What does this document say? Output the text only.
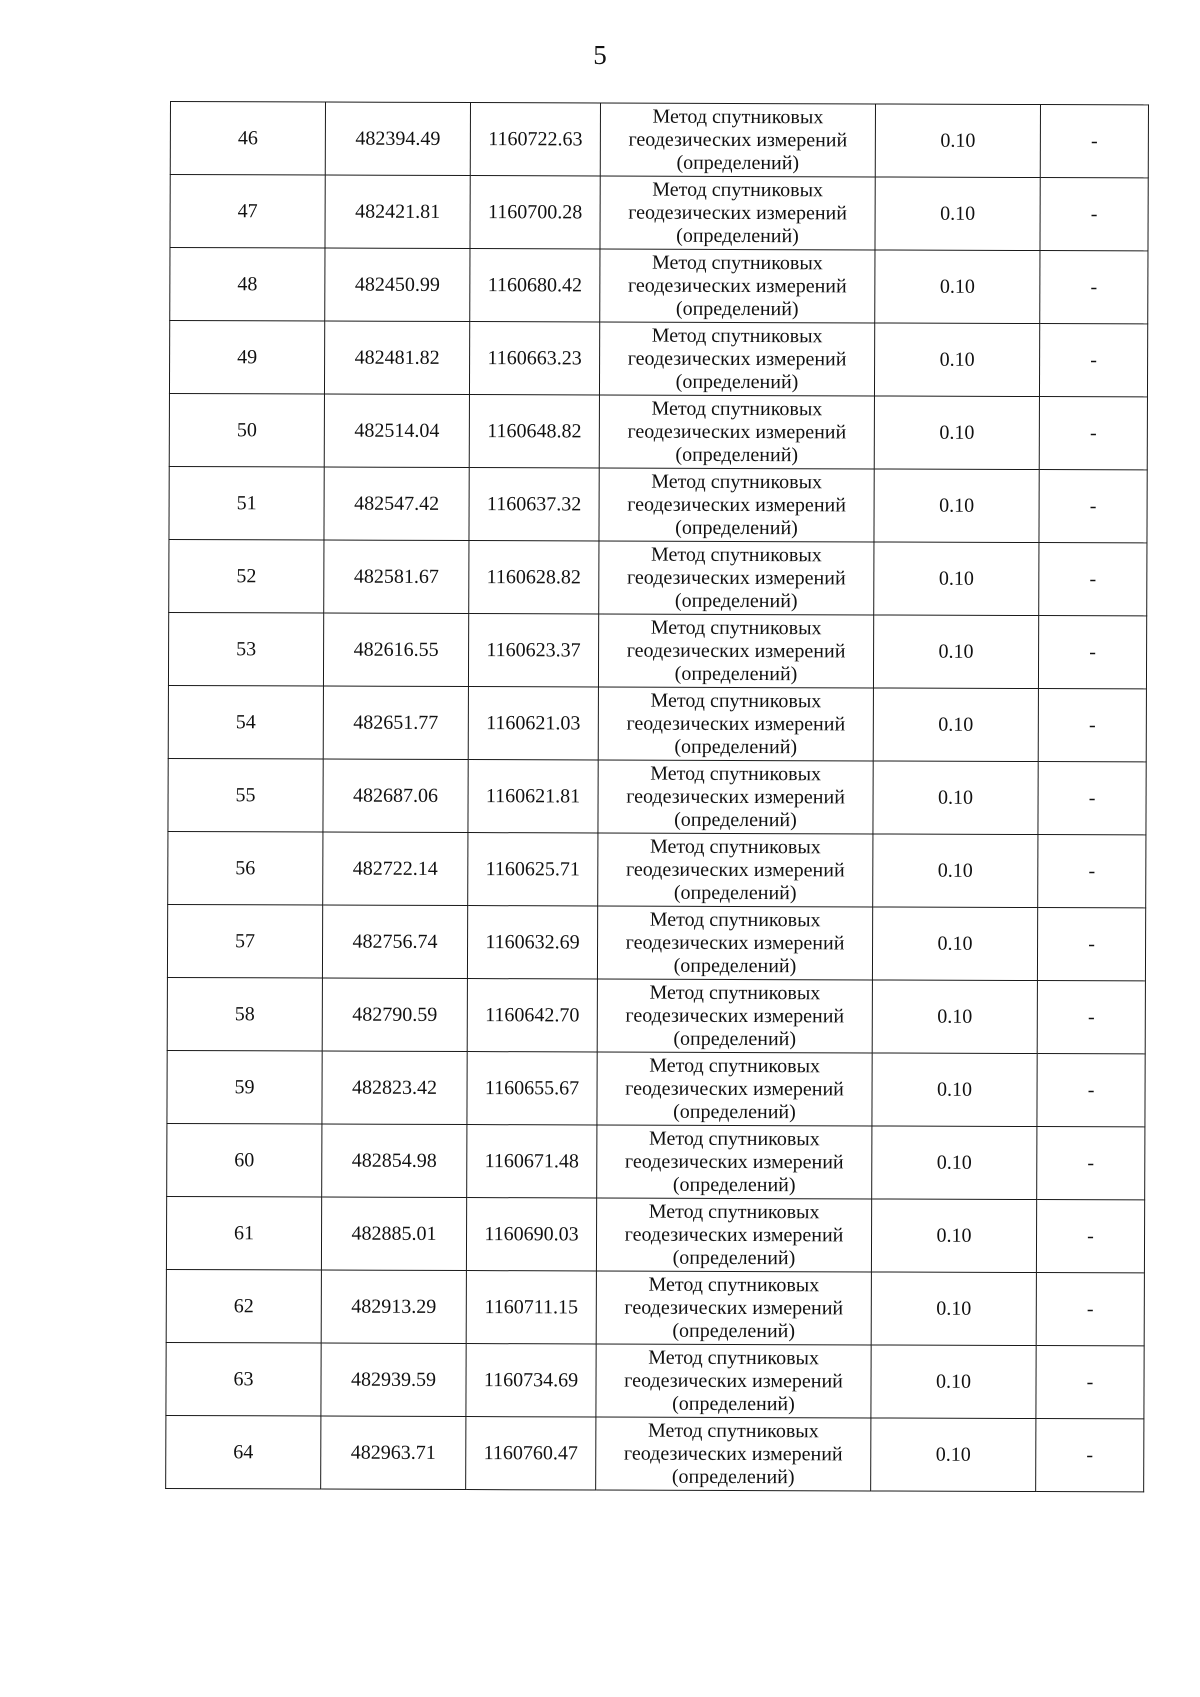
5
46	482394.49	1160722.63	Метод спутниковых
геодезических измерений
(определений)	0.10	-
47	482421.81	1160700.28	Метод спутниковых
геодезических измерений
(определений)	0.10	-
48	482450.99	1160680.42	Метод спутниковых
геодезических измерений
(определений)	0.10	-
49	482481.82	1160663.23	Метод спутниковых
геодезических измерений
(определений)	0.10	-
50	482514.04	1160648.82	Метод спутниковых
геодезических измерений
(определений)	0.10	-
51	482547.42	1160637.32	Метод спутниковых
геодезических измерений
(определений)	0.10	-
52	482581.67	1160628.82	Метод спутниковых
геодезических измерений
(определений)	0.10	-
53	482616.55	1160623.37	Метод спутниковых
геодезических измерений
(определений)	0.10	-
54	482651.77	1160621.03	Метод спутниковых
геодезических измерений
(определений)	0.10	-
55	482687.06	1160621.81	Метод спутниковых
геодезических измерений
(определений)	0.10	-
56	482722.14	1160625.71	Метод спутниковых
геодезических измерений
(определений)	0.10	-
57	482756.74	1160632.69	Метод спутниковых
геодезических измерений
(определений)	0.10	-
58	482790.59	1160642.70	Метод спутниковых
геодезических измерений
(определений)	0.10	-
59	482823.42	1160655.67	Метод спутниковых
геодезических измерений
(определений)	0.10	-
60	482854.98	1160671.48	Метод спутниковых
геодезических измерений
(определений)	0.10	-
61	482885.01	1160690.03	Метод спутниковых
геодезических измерений
(определений)	0.10	-
62	482913.29	1160711.15	Метод спутниковых
геодезических измерений
(определений)	0.10	-
63	482939.59	1160734.69	Метод спутниковых
геодезических измерений
(определений)	0.10	-
64	482963.71	1160760.47	Метод спутниковых
геодезических измерений
(определений)	0.10	-
